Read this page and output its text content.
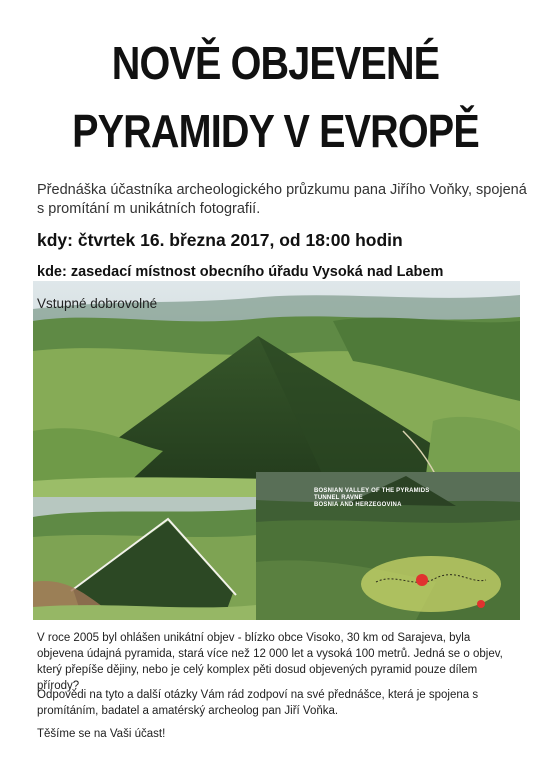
NOVĚ OBJEVENÉ
PYRAMIDY V EVROPĚ
Přednáška účastníka archeologického průzkumu pana Jiřího Voňky, spojená s promítání m unikátních fotografií.
kdy: čtvrtek 16. března 2017, od 18:00 hodin
kde: zasedací místnost obecního úřadu Vysoká nad Labem
Vstupné dobrovolné
BOSNIAN VALLEY OF THE PYRAMIDS
TUNNEL RAVNE
BOSNIA AND HERZEGOVINA
V roce 2005 byl ohlášen unikátní objev - blízko obce Visoko, 30 km od Sarajeva, byla objevena údajná pyramida, stará více než 12 000 let a vysoká 100 metrů. Jedná se o objev, který přepíše dějiny, nebo je celý komplex pěti dosud objevených pyramid pouze dílem přírody?
Odpovědi na tyto a další otázky Vám rád zodpoví na své přednášce, která je spojena s promítáním, badatel a amatérský archeolog pan Jiří Voňka.
Těšíme se na Vaši účast!
